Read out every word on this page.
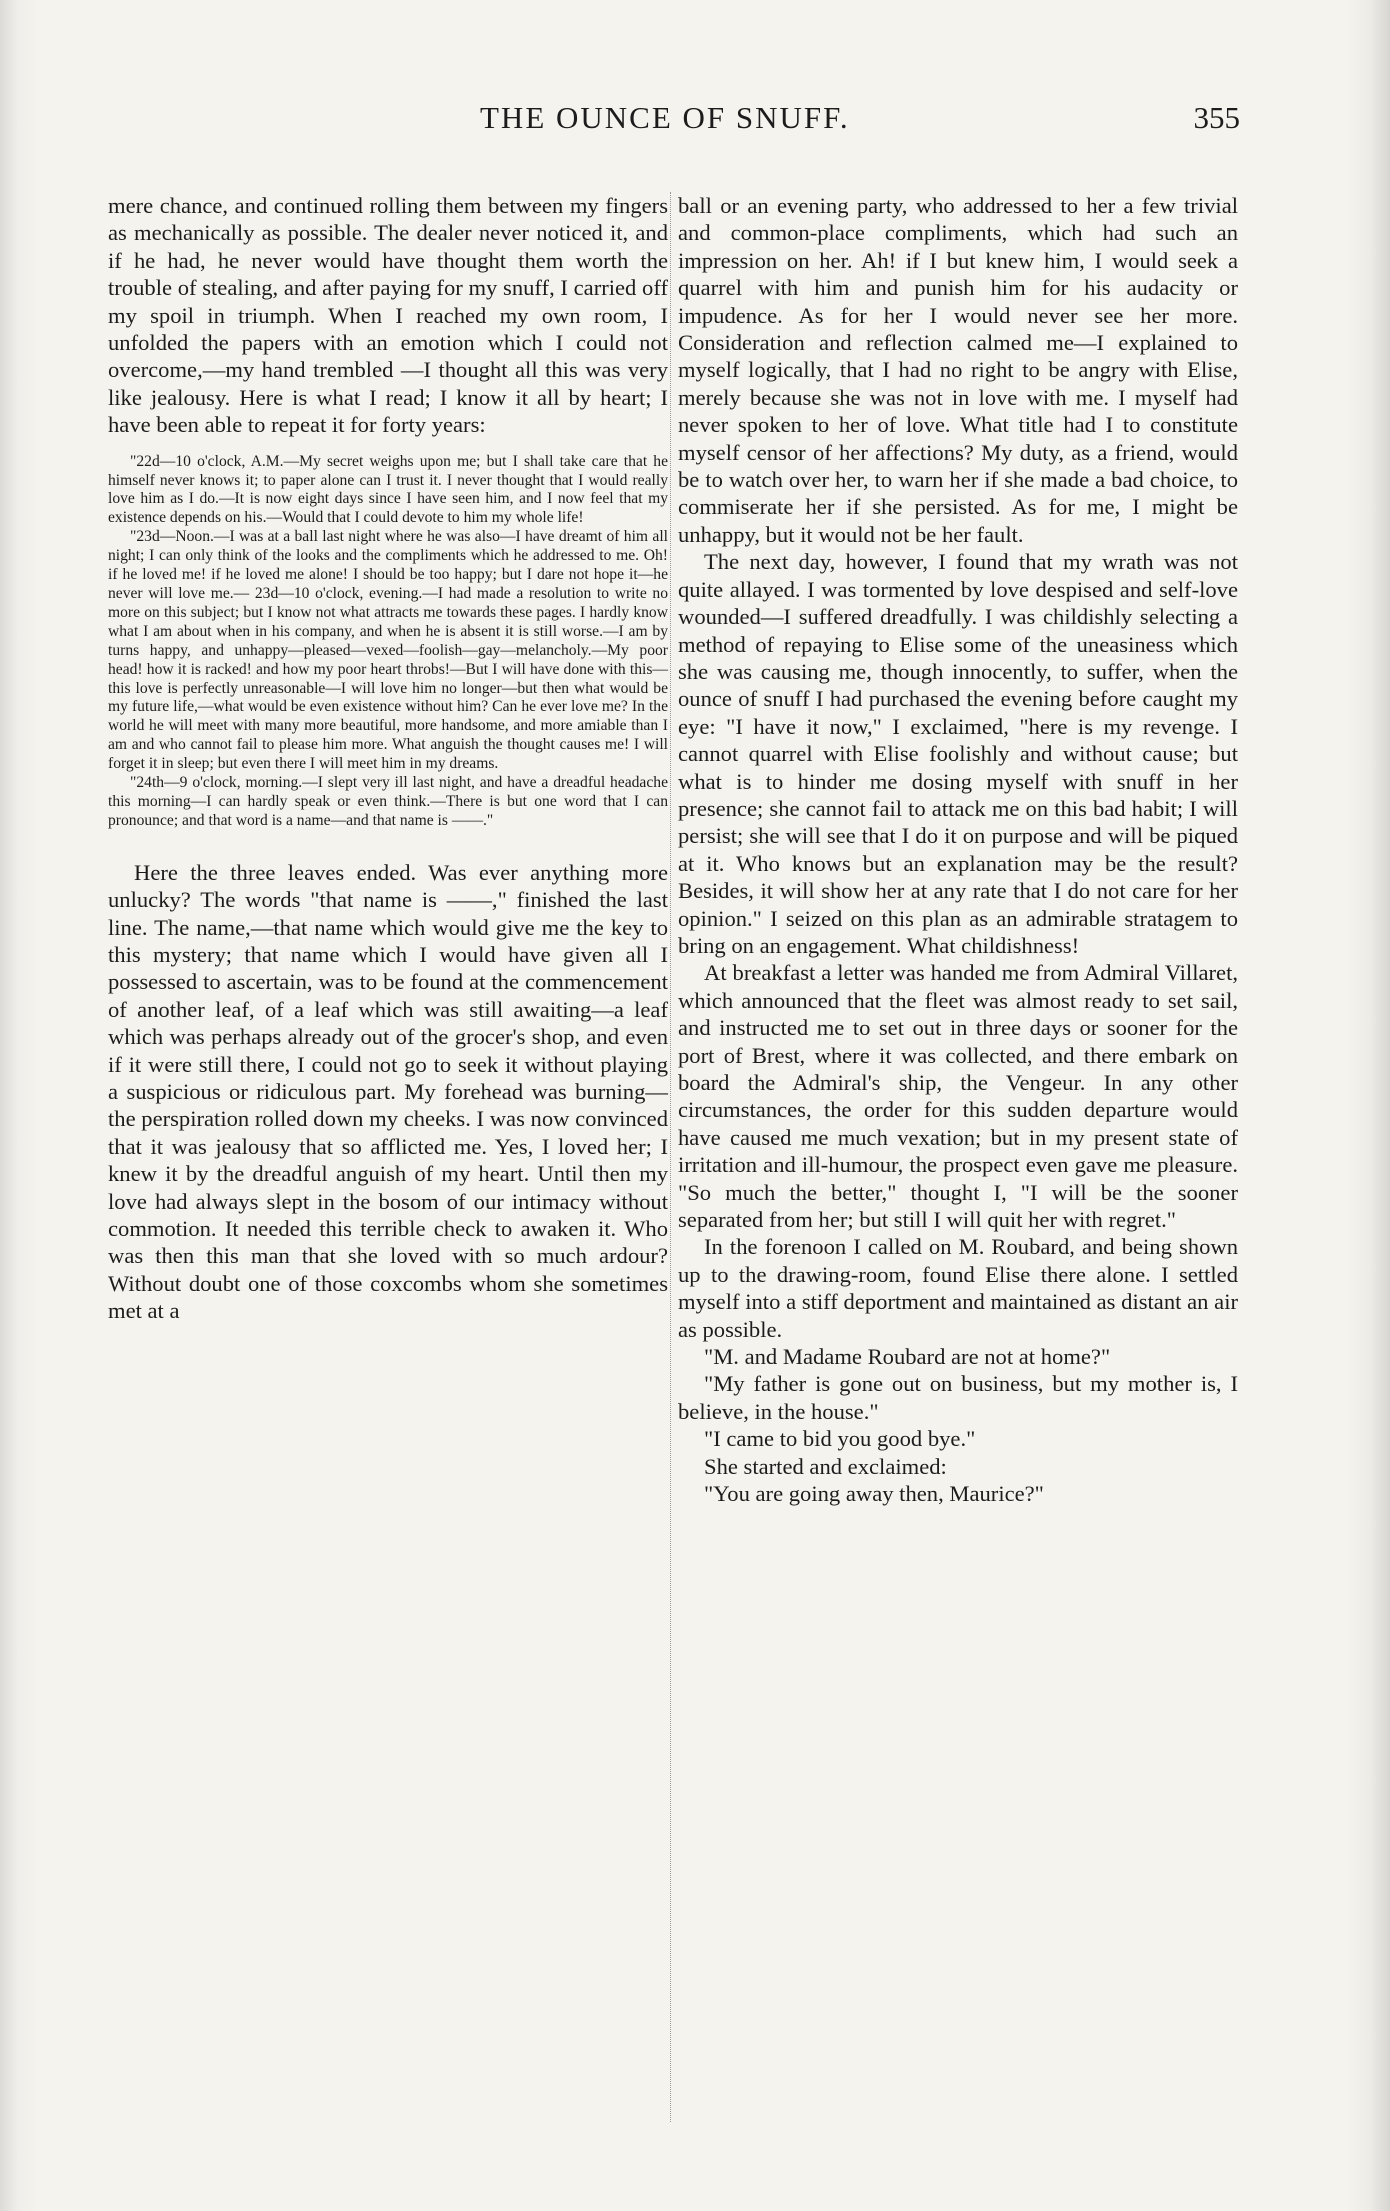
THE OUNCE OF SNUFF.	355

mere chance, and continued rolling them between my fingers as mechanically as possible. The dealer never noticed it, and if he had, he never would have thought them worth the trouble of stealing, and after paying for my snuff, I carried off my spoil in triumph. When I reached my own room, I unfolded the papers with an emotion which I could not overcome,—my hand trembled —I thought all this was very like jealousy. Here is what I read; I know it all by heart; I have been able to repeat it for forty years:

"22d—10 o'clock, A.M.—My secret weighs upon me; but I shall take care that he himself never knows it; to paper alone can I trust it. I never thought that I would really love him as I do.—It is now eight days since I have seen him, and I now feel that my existence depends on his.—Would that I could devote to him my whole life!

"23d—Noon.—I was at a ball last night where he was also—I have dreamt of him all night; I can only think of the looks and the compliments which he addressed to me. Oh! if he loved me! if he loved me alone! I should be too happy; but I dare not hope it—he never will love me.— 23d—10 o'clock, evening.—I had made a resolution to write no more on this subject; but I know not what attracts me towards these pages. I hardly know what I am about when in his company, and when he is absent it is still worse.—I am by turns happy, and unhappy—pleased—vexed—foolish—gay—melancholy.—My poor head! how it is racked! and how my poor heart throbs!—But I will have done with this—this love is perfectly unreasonable—I will love him no longer—but then what would be my future life,—what would be even existence without him? Can he ever love me? In the world he will meet with many more beautiful, more handsome, and more amiable than I am and who cannot fail to please him more. What anguish the thought causes me! I will forget it in sleep; but even there I will meet him in my dreams.

"24th—9 o'clock, morning.—I slept very ill last night, and have a dreadful headache this morning—I can hardly speak or even think.—There is but one word that I can pronounce; and that word is a name—and that name is ——."

Here the three leaves ended. Was ever anything more unlucky? The words "that name is ——," finished the last line. The name,—that name which would give me the key to this mystery; that name which I would have given all I possessed to ascertain, was to be found at the commencement of another leaf, of a leaf which was still awaiting—a leaf which was perhaps already out of the grocer's shop, and even if it were still there, I could not go to seek it without playing a suspicious or ridiculous part. My forehead was burning—the perspiration rolled down my cheeks. I was now convinced that it was jealousy that so afflicted me. Yes, I loved her; I knew it by the dreadful anguish of my heart. Until then my love had always slept in the bosom of our intimacy without commotion. It needed this terrible check to awaken it. Who was then this man that she loved with so much ardour? Without doubt one of those coxcombs whom she sometimes met at a

ball or an evening party, who addressed to her a few trivial and common-place compliments, which had such an impression on her. Ah! if I but knew him, I would seek a quarrel with him and punish him for his audacity or impudence. As for her I would never see her more. Consideration and reflection calmed me—I explained to myself logically, that I had no right to be angry with Elise, merely because she was not in love with me. I myself had never spoken to her of love. What title had I to constitute myself censor of her affections? My duty, as a friend, would be to watch over her, to warn her if she made a bad choice, to commiserate her if she persisted. As for me, I might be unhappy, but it would not be her fault.

The next day, however, I found that my wrath was not quite allayed. I was tormented by love despised and self-love wounded—I suffered dreadfully. I was childishly selecting a method of repaying to Elise some of the uneasiness which she was causing me, though innocently, to suffer, when the ounce of snuff I had purchased the evening before caught my eye: "I have it now," I exclaimed, "here is my revenge. I cannot quarrel with Elise foolishly and without cause; but what is to hinder me dosing myself with snuff in her presence; she cannot fail to attack me on this bad habit; I will persist; she will see that I do it on purpose and will be piqued at it. Who knows but an explanation may be the result? Besides, it will show her at any rate that I do not care for her opinion." I seized on this plan as an admirable stratagem to bring on an engagement. What childishness!

At breakfast a letter was handed me from Admiral Villaret, which announced that the fleet was almost ready to set sail, and instructed me to set out in three days or sooner for the port of Brest, where it was collected, and there embark on board the Admiral's ship, the Vengeur. In any other circumstances, the order for this sudden departure would have caused me much vexation; but in my present state of irritation and ill-humour, the prospect even gave me pleasure. "So much the better," thought I, "I will be the sooner separated from her; but still I will quit her with regret."

In the forenoon I called on M. Roubard, and being shown up to the drawing-room, found Elise there alone. I settled myself into a stiff deportment and maintained as distant an air as possible.

"M. and Madame Roubard are not at home?"

"My father is gone out on business, but my mother is, I believe, in the house."

"I came to bid you good bye."

She started and exclaimed:

"You are going away then, Maurice?"
